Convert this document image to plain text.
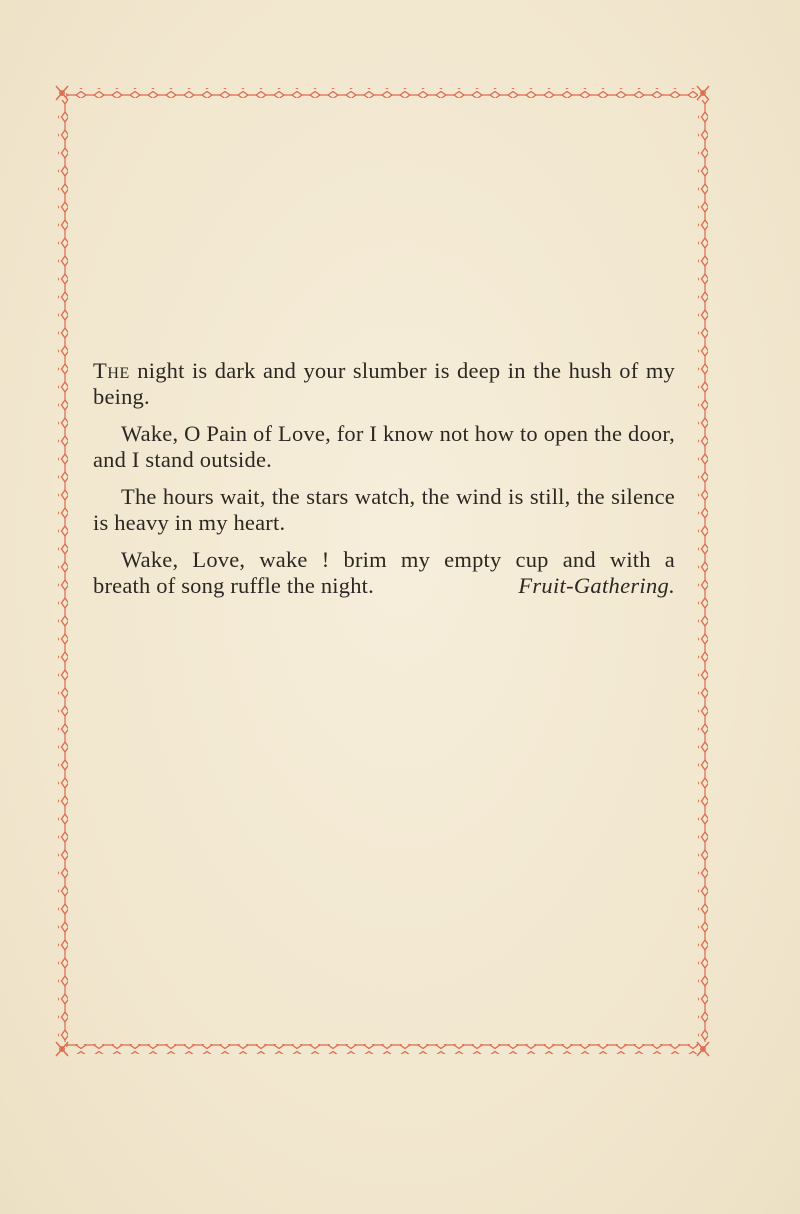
The night is dark and your slumber is deep in the hush of my being.

Wake, O Pain of Love, for I know not how to open the door, and I stand outside.

The hours wait, the stars watch, the wind is still, the silence is heavy in my heart.

Wake, Love, wake ! brim my empty cup and with a
breath of song ruffle the night.	Fruit-Gathering.
